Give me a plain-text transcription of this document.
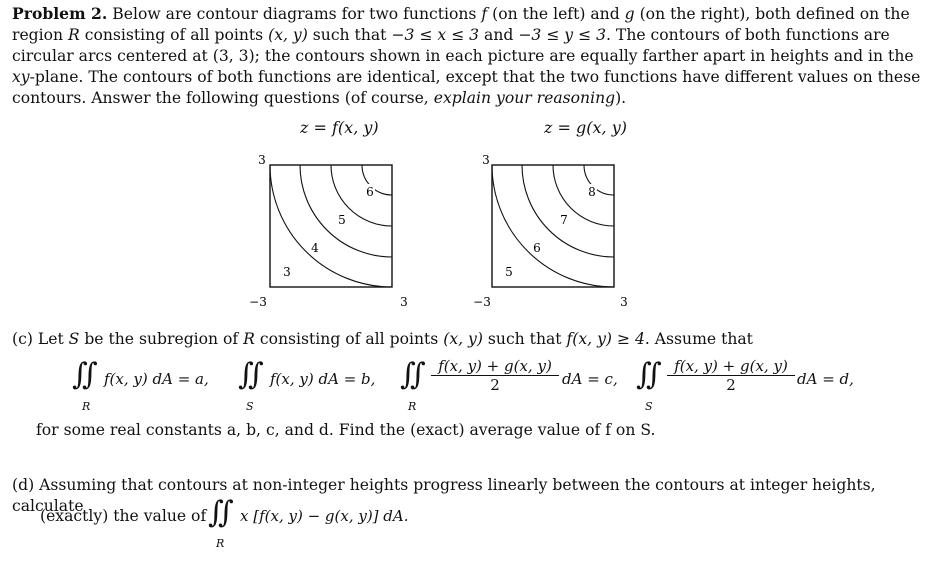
Problem 2. Below are contour diagrams for two functions f (on the left) and g (on the right), both defined on the region R consisting of all points (x, y) such that −3 ≤ x ≤ 3 and −3 ≤ y ≤ 3. The contours of both functions are circular arcs centered at (3, 3); the contours shown in each picture are equally farther apart in heights and in the xy-plane. The contours of both functions are identical, except that the two functions have different values on these contours. Answer the following questions (of course, explain your reasoning).
z = f(x, y)	z = g(x, y)
3
4
5
6
3
−3	3
5
6
7
8
3
−3	3
(c) Let S be the subregion of R consisting of all points (x, y) such that f(x, y) ≥ 4. Assume that
∬
R
f(x, y) dA = a, ∬
S
f(x, y) dA = b, ∬
R
$\frac{f(x, y) + g(x, y)}{2}$ dA = c, ∬
S
$\frac{f(x, y) + g(x, y)}{2}$ dA = d,
for some real constants a, b, c, and d. Find the (exact) average value of f on S.
(d) Assuming that contours at non-integer heights progress linearly between the contours at integer heights, calculate
(exactly) the value of ∬
R
x [f(x, y) − g(x, y)] dA.
